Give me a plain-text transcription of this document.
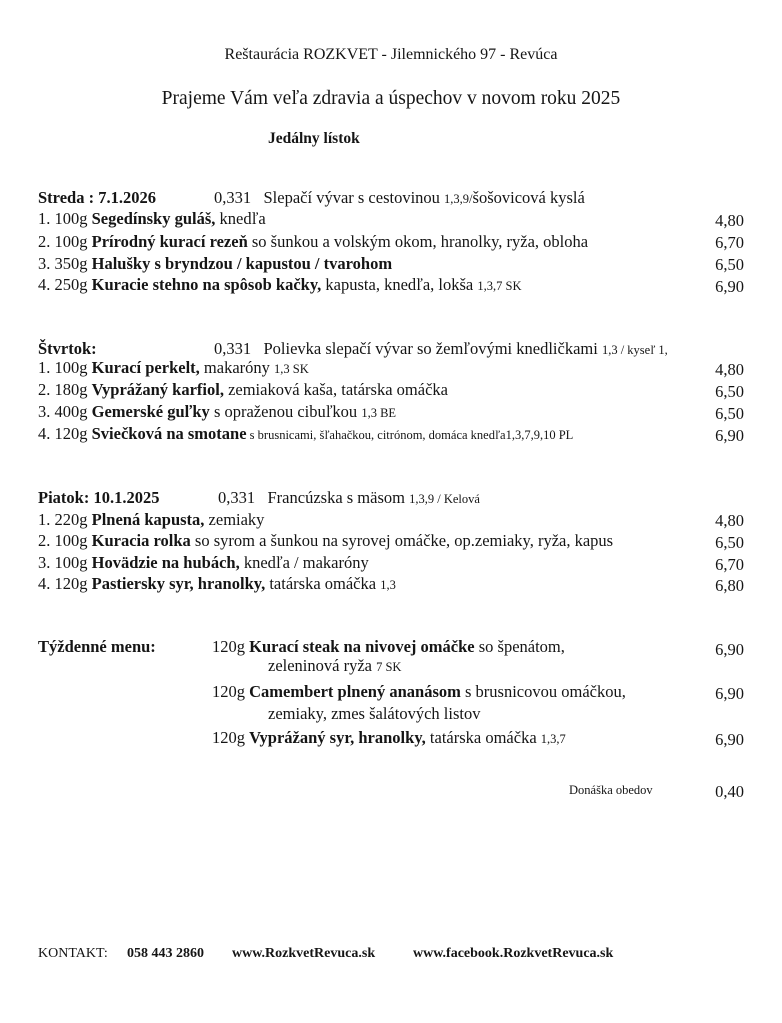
Reštaurácia ROZKVET - Jilemnického 97 - Revúca
Prajeme Vám veľa zdravia a úspechov v novom roku 2025
Jedálny lístok
Streda : 7.1.2026	0,331 Slepačí vývar s cestovinou 1,3,9/šošovicová kyslá
1. 100g Segedínsky guláš, knedľa	4,80
2. 100g Prírodný kurací rezeň so šunkou a volským okom, hranolky, ryža, obloha	6,70
3. 350g Halušky s bryndzou / kapustou / tvarohom	6,50
4. 250g Kuracie stehno na spôsob kačky, kapusta, knedľa, lokša 1,3,7 SK	6,90
Štvrtok:	0,331 Polievka slepačí vývar so žemľovými knedličkami 1,3 / kyseľ 1,
1. 100g Kurací perkelt, makaróny 1,3 SK	4,80
2. 180g Vyprážaný karfiol, zemiaková kaša, tatárska omáčka	6,50
3. 400g Gemerské guľky s opraženou cibuľkou 1,3 BE	6,50
4. 120g Sviečková na smotane s brusnicami, šľahačkou, citrónom, domáca knedľa1,3,7,9,10 PL	6,90
Piatok: 10.1.2025	0,331 Francúzska s mäsom 1,3,9 / Kelová
1. 220g Plnená kapusta, zemiaky	4,80
2. 100g Kuracia rolka so syrom a šunkou na syrovej omáčke, op.zemiaky, ryža, kapus	6,50
3. 100g Hovädzie na hubách, knedľa / makaróny	6,70
4. 120g Pastiersky syr, hranolky, tatárska omáčka 1,3	6,80
Týždenné menu:	120g Kurací steak na nivovej omáčke so špenátom,
zeleninová ryža 7 SK
6,90
120g Camembert plnený ananásom s brusnicovou omáčkou,
zemiaky, zmes šalátových listov
6,90
120g Vyprážaný syr, hranolky, tatárska omáčka 1,3,7	6,90
Donáška obedov	0,40
KONTAKT: 058 443 2860 www.RozkvetRevuca.sk	www.facebook.RozkvetRevuca.sk
